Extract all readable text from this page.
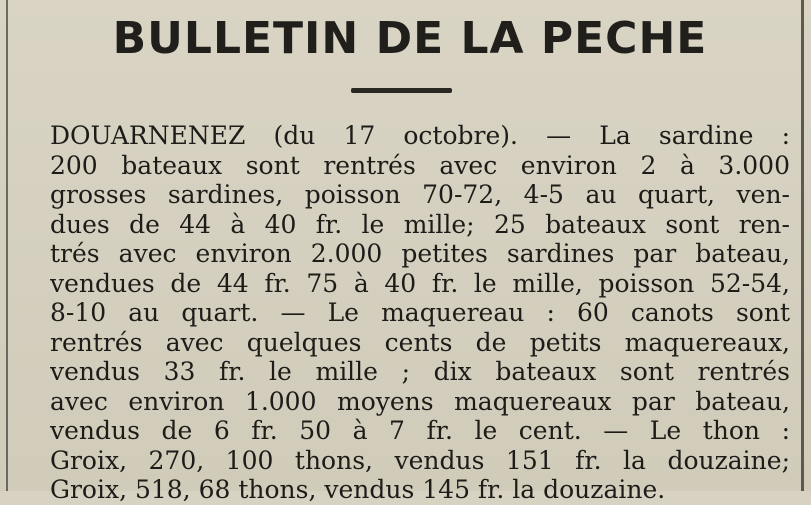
BULLETIN DE LA PECHE
DOUARNENEZ (du 17 octobre). — La sardine :
200 bateaux sont rentrés avec environ 2 à 3.000
grosses sardines, poisson 70-72, 4-5 au quart, ven-
dues de 44 à 40 fr. le mille; 25 bateaux sont ren-
trés avec environ 2.000 petites sardines par bateau,
vendues de 44 fr. 75 à 40 fr. le mille, poisson 52-54,
8-10 au quart. — Le maquereau : 60 canots sont
rentrés avec quelques cents de petits maquereaux,
vendus 33 fr. le mille ; dix bateaux sont rentrés
avec environ 1.000 moyens maquereaux par bateau,
vendus de 6 fr. 50 à 7 fr. le cent. — Le thon :
Groix, 270, 100 thons, vendus 151 fr. la douzaine;
Groix, 518, 68 thons, vendus 145 fr. la douzaine.
